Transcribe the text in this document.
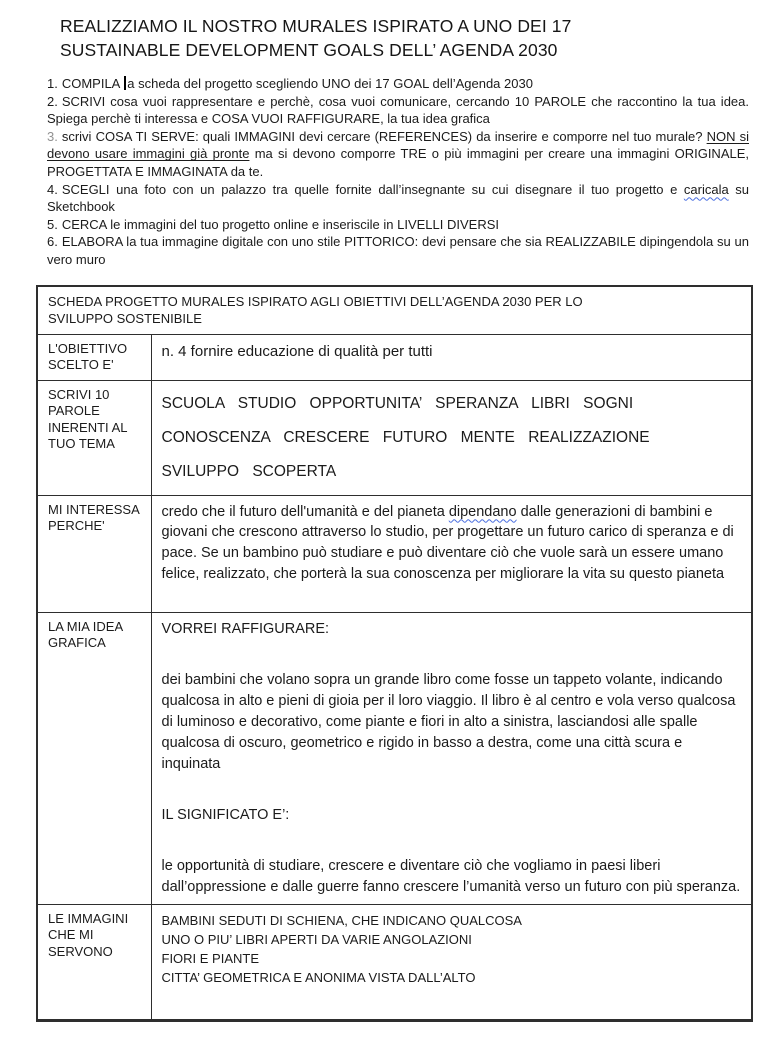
REALIZZIAMO IL NOSTRO MURALES ISPIRATO A UNO DEI 17
SUSTAINABLE DEVELOPMENT GOALS DELL’ AGENDA 2030
1. COMPILA a scheda del progetto scegliendo UNO dei 17 GOAL dell’Agenda 2030
2. SCRIVI cosa vuoi rappresentare e perchè, cosa vuoi comunicare, cercando 10 PAROLE che raccontino la tua idea. Spiega perchè ti interessa e COSA VUOI RAFFIGURARE, la tua idea grafica
3. scrivi COSA TI SERVE: quali IMMAGINI devi cercare (REFERENCES) da inserire e comporre nel tuo murale? NON si devono usare immagini già pronte ma si devono comporre TRE o più immagini per creare una immagini ORIGINALE, PROGETTATA E IMMAGINATA da te.
4. SCEGLI una foto con un palazzo tra quelle fornite dall’insegnante su cui disegnare il tuo progetto e caricala su Sketchbook
5. CERCA le immagini del tuo progetto online e inseriscile in LIVELLI DIVERSI
6. ELABORA la tua immagine digitale con uno stile PITTORICO: devi pensare che sia REALIZZABILE dipingendola su un vero muro
SCHEDA PROGETTO MURALES ISPIRATO AGLI OBIETTIVI DELL’AGENDA 2030 PER LO SVILUPPO SOSTENIBILE	

L'OBIETTIVO SCELTO E'	n. 4 fornire educazione di qualità per tutti

SCRIVI 10 PAROLE INERENTI AL TUO TEMA	SCUOLA STUDIO OPPORTUNITA’ SPERANZA LIBRI SOGNI
CONOSCENZA CRESCERE FUTURO MENTE REALIZZAZIONE
SVILUPPO SCOPERTA

MI INTERESSA PERCHE'	credo che il futuro dell'umanità e del pianeta dipendano dalle generazioni di bambini e giovani che crescono attraverso lo studio, per progettare un futuro carico di speranza e di pace. Se un bambino può studiare e può diventare ciò che vuole sarà un essere umano felice, realizzato, che porterà la sua conoscenza per migliorare la vita su questo pianeta

LA MIA IDEA GRAFICA	VORREI RAFFIGURARE:
dei bambini che volano sopra un grande libro come fosse un tappeto volante, indicando qualcosa in alto e pieni di gioia per il loro viaggio. Il libro è al centro e vola verso qualcosa di luminoso e decorativo, come piante e fiori in alto a sinistra, lasciandosi alle spalle qualcosa di oscuro, geometrico e rigido in basso a destra, come una città scura e inquinata
IL SIGNIFICATO E’:
le opportunità di studiare, crescere e diventare ciò che vogliamo in paesi liberi dall’oppressione e dalle guerre fanno crescere l’umanità verso un futuro con più speranza.

LE IMMAGINI CHE MI SERVONO	BAMBINI SEDUTI DI SCHIENA, CHE INDICANO QUALCOSA
UNO O PIU’ LIBRI APERTI DA VARIE ANGOLAZIONI
FIORI E PIANTE
CITTA’ GEOMETRICA E ANONIMA VISTA DALL’ALTO
